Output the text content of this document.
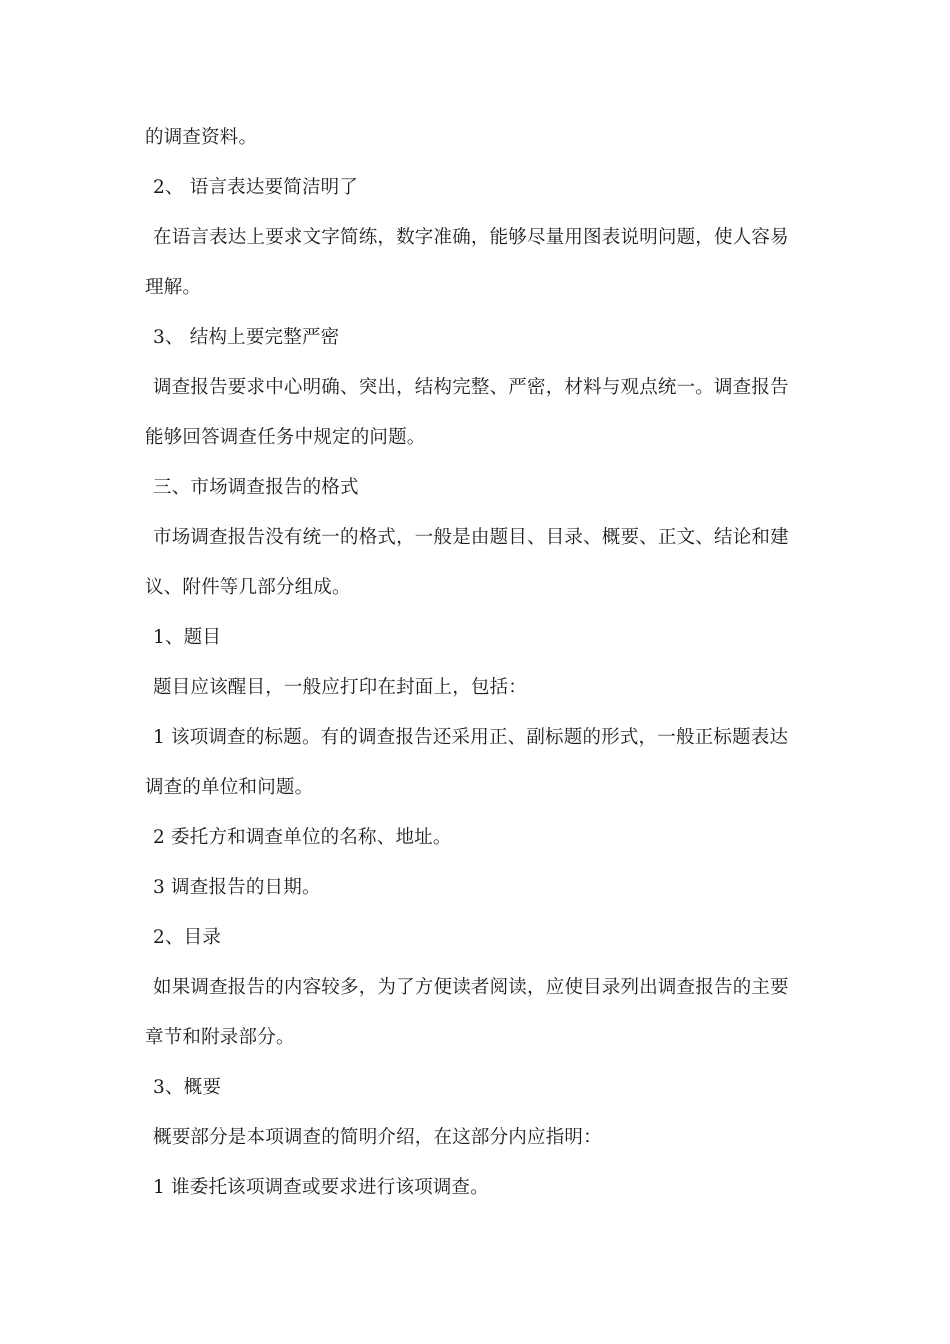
的调查资料。
2、 语言表达要简洁明了
在语言表达上要求文字简练，数字准确，能够尽量用图表说明问题，使人容易
理解。
3、 结构上要完整严密
调查报告要求中心明确、突出，结构完整、严密，材料与观点统一。调查报告
能够回答调查任务中规定的问题。
三、市场调查报告的格式
市场调查报告没有统一的格式，一般是由题目、目录、概要、正文、结论和建
议、附件等几部分组成。
1、题目
题目应该醒目，一般应打印在封面上，包括：
1 该项调查的标题。有的调查报告还采用正、副标题的形式，一般正标题表达
调查的单位和问题。
2 委托方和调查单位的名称、地址。
3 调查报告的日期。
2、目录
如果调查报告的内容较多，为了方便读者阅读，应使目录列出调查报告的主要
章节和附录部分。
3、概要
概要部分是本项调查的简明介绍，在这部分内应指明：
1 谁委托该项调查或要求进行该项调查。
